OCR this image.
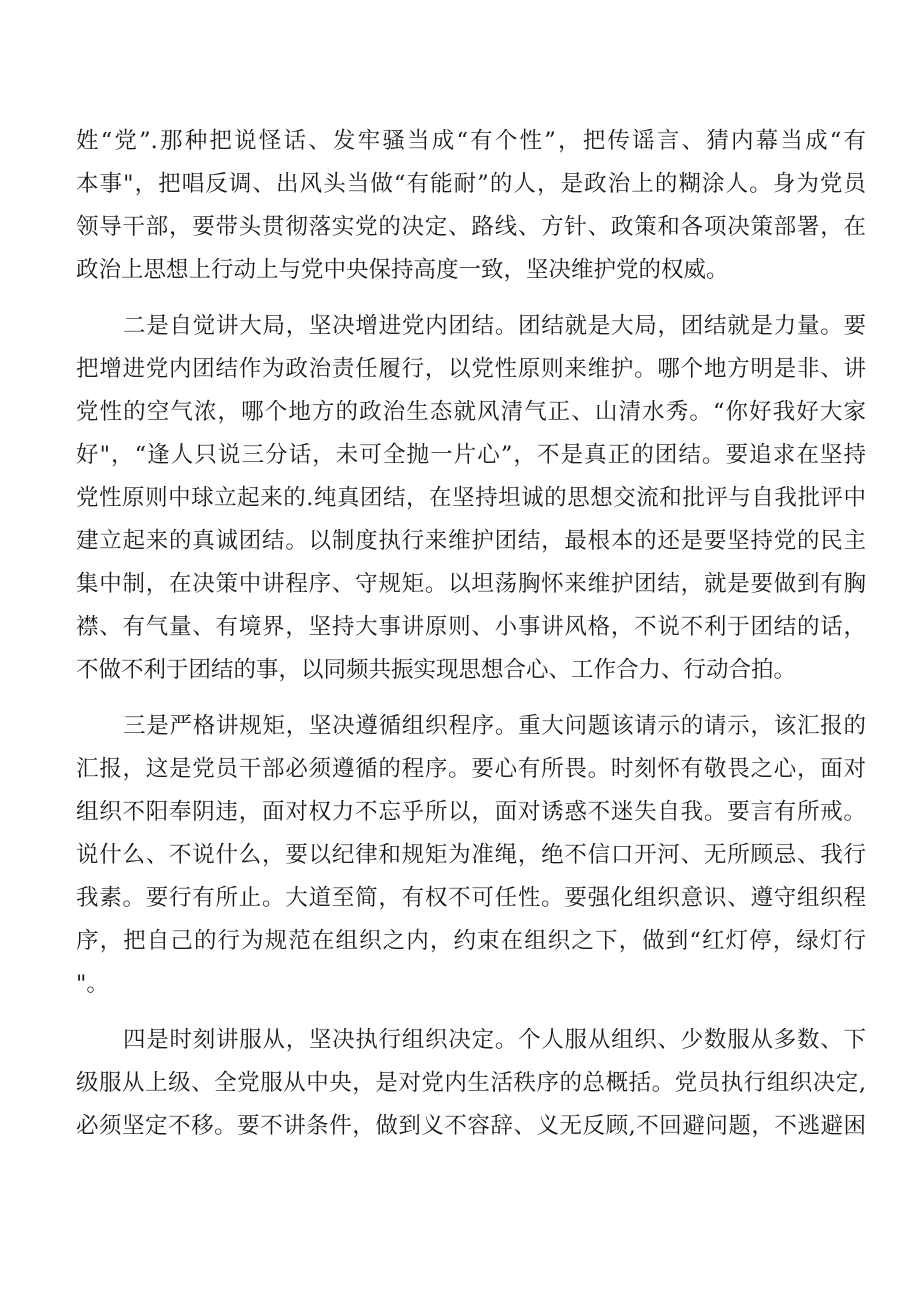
姓“党”.那种把说怪话、发牢骚当成“有个性”，把传谣言、猜内幕当成“有
本事"，把唱反调、出风头当做“有能耐”的人，是政治上的糊涂人。身为党员
领导干部，要带头贯彻落实党的决定、路线、方针、政策和各项决策部署，在
政治上思想上行动上与党中央保持高度一致，坚决维护党的权威。
二是自觉讲大局，坚决增进党内团结。团结就是大局，团结就是力量。要
把增进党内团结作为政治责任履行，以党性原则来维护。哪个地方明是非、讲
党性的空气浓，哪个地方的政治生态就风清气正、山清水秀。“你好我好大家
好"，“逢人只说三分话，未可全抛一片心”，不是真正的团结。要追求在坚持
党性原则中球立起来的.纯真团结，在坚持坦诚的思想交流和批评与自我批评中
建立起来的真诚团结。以制度执行来维护团结，最根本的还是要坚持党的民主
集中制，在决策中讲程序、守规矩。以坦荡胸怀来维护团结，就是要做到有胸
襟、有气量、有境界，坚持大事讲原则、小事讲风格，不说不利于团结的话，
不做不利于团结的事，以同频共振实现思想合心、工作合力、行动合拍。
三是严格讲规矩，坚决遵循组织程序。重大问题该请示的请示，该汇报的
汇报，这是党员干部必须遵循的程序。要心有所畏。时刻怀有敬畏之心，面对
组织不阳奉阴违，面对权力不忘乎所以，面对诱惑不迷失自我。要言有所戒。
说什么、不说什么，要以纪律和规矩为准绳，绝不信口开河、无所顾忌、我行
我素。要行有所止。大道至简，有权不可任性。要强化组织意识、遵守组织程
序，把自己的行为规范在组织之内，约束在组织之下，做到“红灯停，绿灯行
"。
四是时刻讲服从，坚决执行组织决定。个人服从组织、少数服从多数、下
级服从上级、全党服从中央，是对党内生活秩序的总概括。党员执行组织决定,
必须坚定不移。要不讲条件，做到义不容辞、义无反顾,不回避问题，不逃避困
